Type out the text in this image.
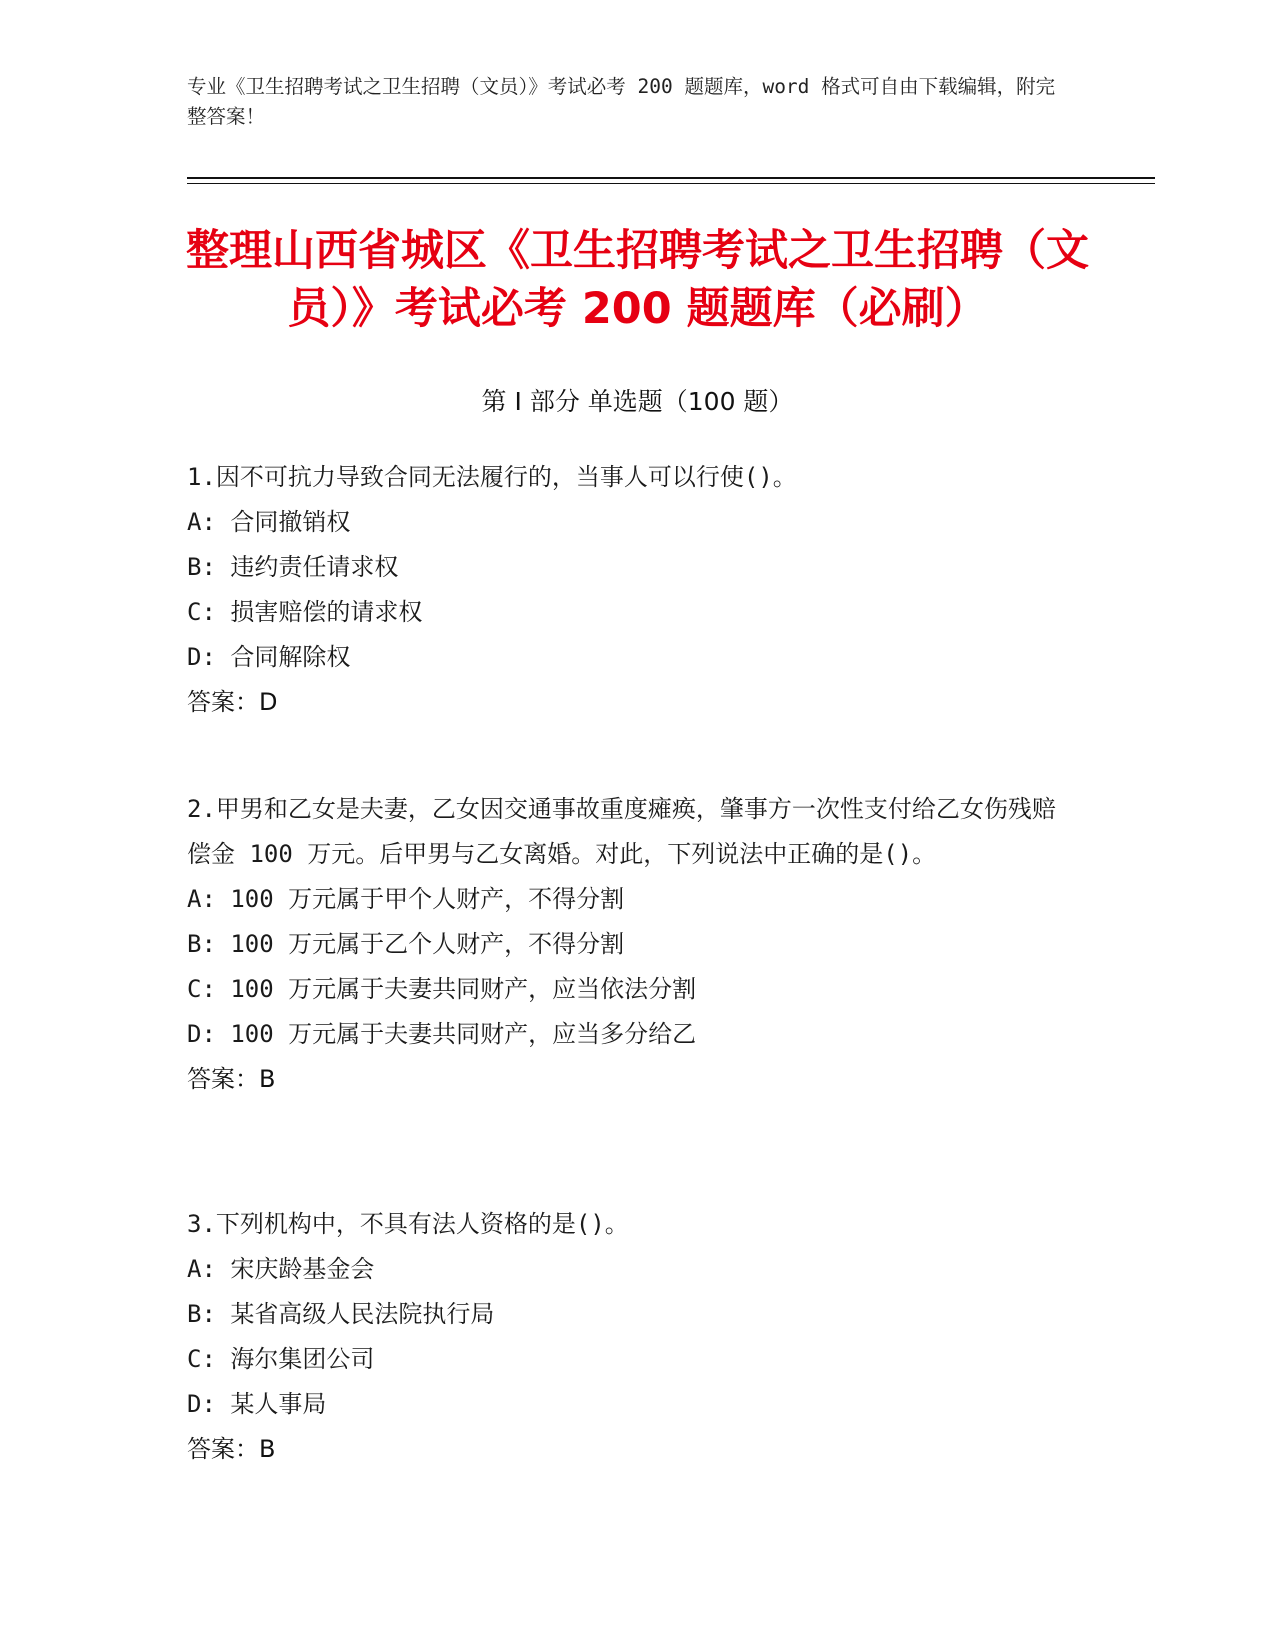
专业《卫生招聘考试之卫生招聘（文员）》考试必考 200 题题库，word 格式可自由下载编辑，附完整答案！
整理山西省城区《卫生招聘考试之卫生招聘（文员）》考试必考 200 题题库（必刷）
第 I 部分 单选题（100 题）

1.因不可抗力导致合同无法履行的，当事人可以行使()。

A: 合同撤销权

B: 违约责任请求权

C: 损害赔偿的请求权

D: 合同解除权

答案：D

2.甲男和乙女是夫妻，乙女因交通事故重度瘫痪，肇事方一次性支付给乙女伤残赔偿金 100 万元。后甲男与乙女离婚。对此，下列说法中正确的是()。

A: 100 万元属于甲个人财产，不得分割

B: 100 万元属于乙个人财产，不得分割

C: 100 万元属于夫妻共同财产，应当依法分割

D: 100 万元属于夫妻共同财产，应当多分给乙

答案：B

3.下列机构中，不具有法人资格的是()。

A: 宋庆龄基金会

B: 某省高级人民法院执行局

C: 海尔集团公司

D: 某人事局

答案：B
